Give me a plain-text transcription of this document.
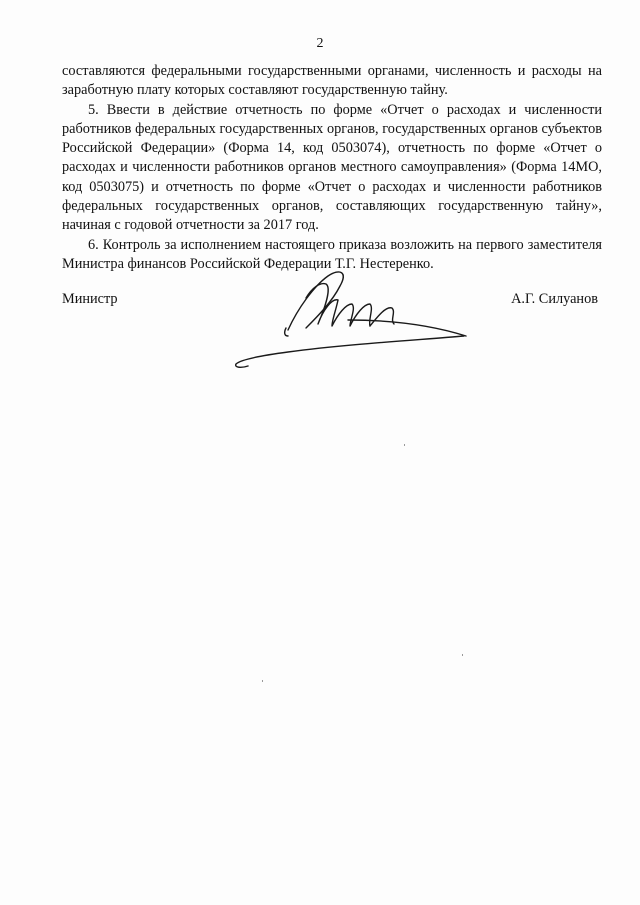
2

составляются федеральными государственными органами, численность и расходы на заработную плату которых составляют государственную тайну.

5. Ввести в действие отчетность по форме «Отчет о расходах и численности работников федеральных государственных органов, государственных органов субъектов Российской Федерации» (Форма 14, код 0503074), отчетность по форме «Отчет о расходах и численности работников органов местного самоуправления» (Форма 14МО, код 0503075) и отчетность по форме «Отчет о расходах и численности работников федеральных государственных органов, составляющих государственную тайну», начиная с годовой отчетности за 2017 год.

6. Контроль за исполнением настоящего приказа возложить на первого заместителя Министра финансов Российской Федерации Т.Г. Нестеренко.

Министр	А.Г. Силуанов
